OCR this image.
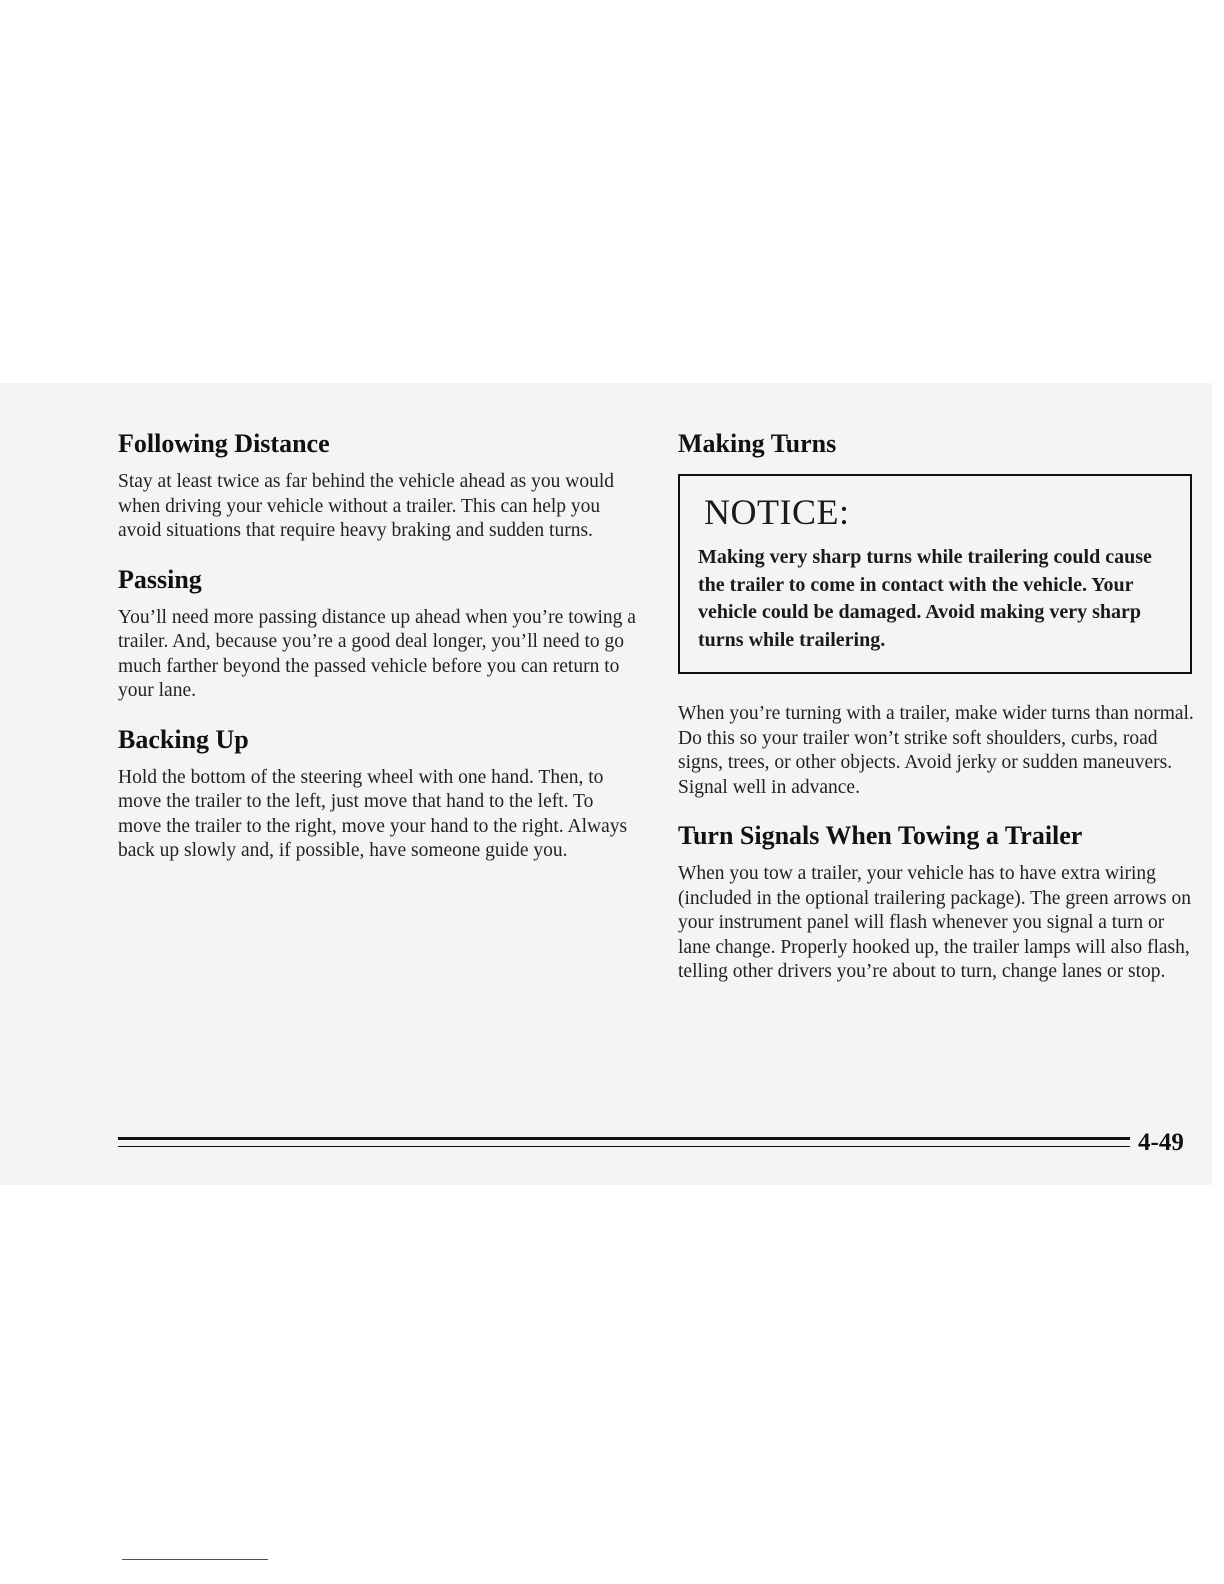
Following Distance

Stay at least twice as far behind the vehicle ahead as you would when driving your vehicle without a trailer. This can help you avoid situations that require heavy braking and sudden turns.

Passing

You’ll need more passing distance up ahead when you’re towing a trailer. And, because you’re a good deal longer, you’ll need to go much farther beyond the passed vehicle before you can return to your lane.

Backing Up

Hold the bottom of the steering wheel with one hand. Then, to move the trailer to the left, just move that hand to the left. To move the trailer to the right, move your hand to the right. Always back up slowly and, if possible, have someone guide you.

Making Turns
NOTICE:
Making very sharp turns while trailering could cause the trailer to come in contact with the vehicle. Your vehicle could be damaged. Avoid making very sharp turns while trailering.

When you’re turning with a trailer, make wider turns than normal. Do this so your trailer won’t strike soft shoulders, curbs, road signs, trees, or other objects. Avoid jerky or sudden maneuvers. Signal well in advance.

Turn Signals When Towing a Trailer

When you tow a trailer, your vehicle has to have extra wiring (included in the optional trailering package). The green arrows on your instrument panel will flash whenever you signal a turn or lane change. Properly hooked up, the trailer lamps will also flash, telling other drivers you’re about to turn, change lanes or stop.

4-49
